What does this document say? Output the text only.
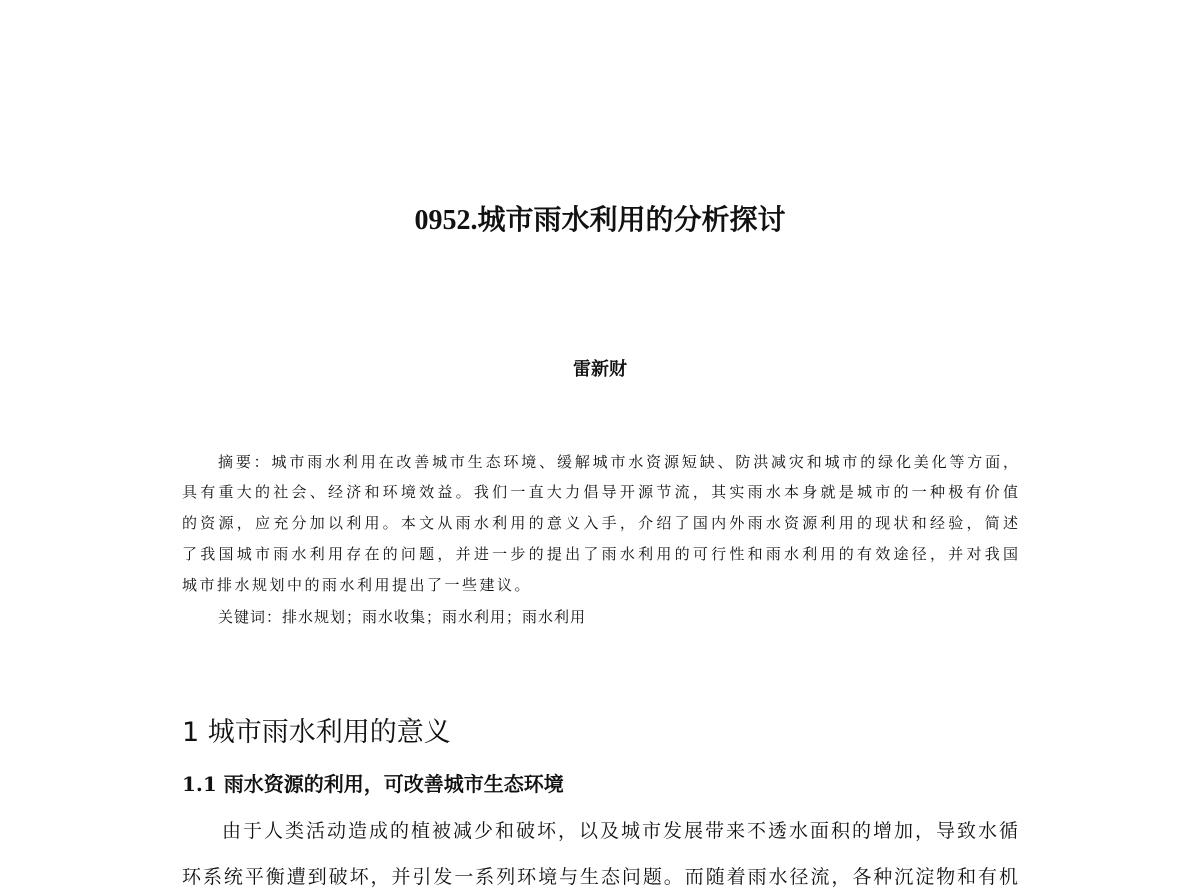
0952.城市雨水利用的分析探讨
雷新财
摘要：城市雨水利用在改善城市生态环境、缓解城市水资源短缺、防洪减灾和城市的绿化美化等方面，
具有重大的社会、经济和环境效益。我们一直大力倡导开源节流，其实雨水本身就是城市的一种极有价值
的资源，应充分加以利用。本文从雨水利用的意义入手，介绍了国内外雨水资源利用的现状和经验，简述
了我国城市雨水利用存在的问题，并进一步的提出了雨水利用的可行性和雨水利用的有效途径，并对我国
城市排水规划中的雨水利用提出了一些建议。
关键词：排水规划；雨水收集；雨水利用；雨水利用
1 城市雨水利用的意义
1.1 雨水资源的利用，可改善城市生态环境
由于人类活动造成的植被减少和破坏，以及城市发展带来不透水面积的增加，导致水循
环系统平衡遭到破坏，并引发一系列环境与生态问题。而随着雨水径流，各种沉淀物和有机
